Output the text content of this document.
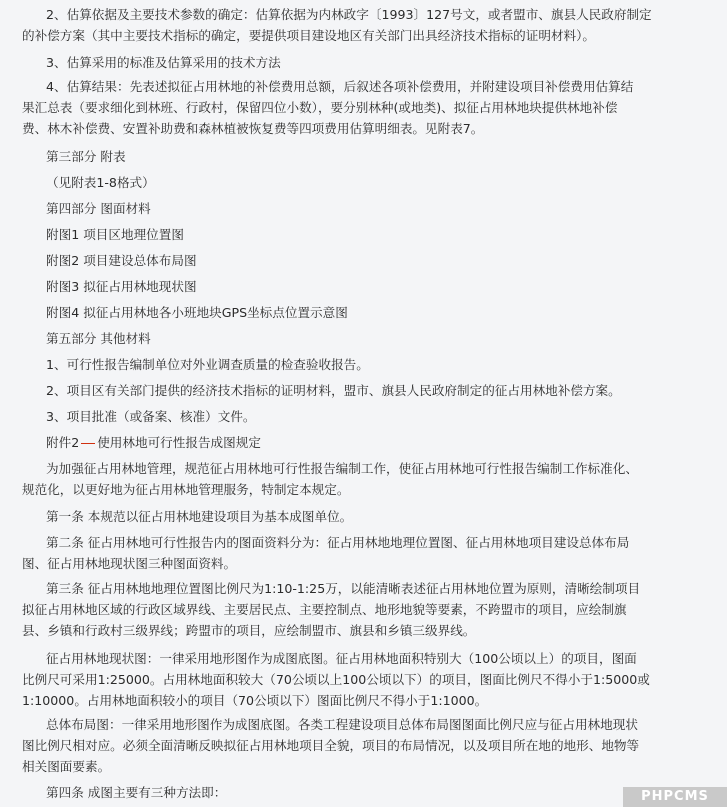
2、估算依据及主要技术参数的确定：估算依据为内林政字〔1993〕127号文，或者盟市、旗县人民政府制定
的补偿方案（其中主要技术指标的确定，要提供项目建设地区有关部门出具经济技术指标的证明材料）。
3、估算采用的标准及估算采用的技术方法
4、估算结果：先表述拟征占用林地的补偿费用总额，后叙述各项补偿费用，并附建设项目补偿费用估算结
果汇总表（要求细化到林班、行政村，保留四位小数），要分别林种(或地类)、拟征占用林地块提供林地补偿
费、林木补偿费、安置补助费和森林植被恢复费等四项费用估算明细表。见附表7。
第三部分 附表
（见附表1-8格式）
第四部分 图面材料
附图1 项目区地理位置图
附图2 项目建设总体布局图
附图3 拟征占用林地现状图
附图4 拟征占用林地各小班地块GPS坐标点位置示意图
第五部分 其他材料
1、可行性报告编制单位对外业调查质量的检查验收报告。
2、项目区有关部门提供的经济技术指标的证明材料，盟市、旗县人民政府制定的征占用林地补偿方案。
3、项目批准（或备案、核准）文件。
附件2 使用林地可行性报告成图规定
为加强征占用林地管理，规范征占用林地可行性报告编制工作，使征占用林地可行性报告编制工作标准化、
规范化，以更好地为征占用林地管理服务，特制定本规定。
第一条 本规范以征占用林地建设项目为基本成图单位。
第二条 征占用林地可行性报告内的图面资料分为：征占用林地地理位置图、征占用林地项目建设总体布局
图、征占用林地现状图三种图面资料。
第三条 征占用林地地理位置图比例尺为1:10-1:25万，以能清晰表述征占用林地位置为原则，清晰绘制项目
拟征占用林地区域的行政区域界线、主要居民点、主要控制点、地形地貌等要素，不跨盟市的项目，应绘制旗
县、乡镇和行政村三级界线；跨盟市的项目，应绘制盟市、旗县和乡镇三级界线。
征占用林地现状图：一律采用地形图作为成图底图。征占用林地面积特别大（100公顷以上）的项目，图面
比例尺可采用1:25000。占用林地面积较大（70公顷以上100公顷以下）的项目，图面比例尺不得小于1:5000或
1:10000。占用林地面积较小的项目（70公顷以下）图面比例尺不得小于1:1000。
总体布局图：一律采用地形图作为成图底图。各类工程建设项目总体布局图图面比例尺应与征占用林地现状
图比例尺相对应。必须全面清晰反映拟征占用林地项目全貌，项目的布局情况，以及项目所在地的地形、地物等
相关图面要素。
第四条 成图主要有三种方法即：	PHPCMS
